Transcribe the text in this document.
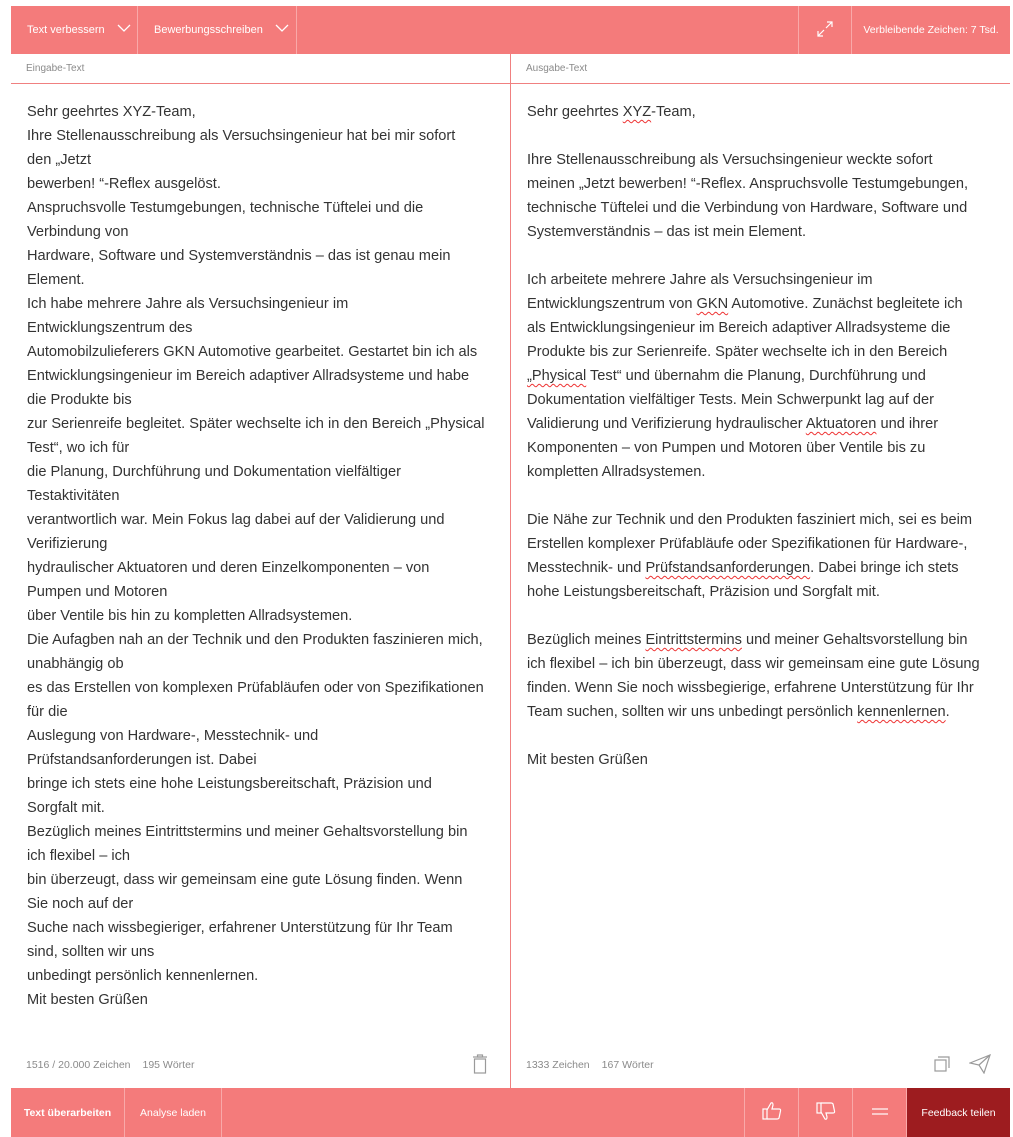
Text verbessern	Bewerbungsschreiben	Verbleibende Zeichen: 7 Tsd.
Eingabe-Text
Sehr geehrtes XYZ-Team,
Ihre Stellenausschreibung als Versuchsingenieur hat bei mir sofort
den „Jetzt
bewerben! “-Reflex ausgelöst.
Anspruchsvolle Testumgebungen, technische Tüftelei und die
Verbindung von
Hardware, Software und Systemverständnis – das ist genau mein
Element.
Ich habe mehrere Jahre als Versuchsingenieur im
Entwicklungszentrum des
Automobilzulieferers GKN Automotive gearbeitet. Gestartet bin ich als
Entwicklungsingenieur im Bereich adaptiver Allradsysteme und habe
die Produkte bis
zur Serienreife begleitet. Später wechselte ich in den Bereich „Physical
Test“, wo ich für
die Planung, Durchführung und Dokumentation vielfältiger
Testaktivitäten
verantwortlich war. Mein Fokus lag dabei auf der Validierung und
Verifizierung
hydraulischer Aktuatoren und deren Einzelkomponenten – von
Pumpen und Motoren
über Ventile bis hin zu kompletten Allradsystemen.
Die Aufagben nah an der Technik und den Produkten faszinieren mich,
unabhängig ob
es das Erstellen von komplexen Prüfabläufen oder von Spezifikationen
für die
Auslegung von Hardware-, Messtechnik- und
Prüfstandsanforderungen ist. Dabei
bringe ich stets eine hohe Leistungsbereitschaft, Präzision und
Sorgfalt mit.
Bezüglich meines Eintrittstermins und meiner Gehaltsvorstellung bin
ich flexibel – ich
bin überzeugt, dass wir gemeinsam eine gute Lösung finden. Wenn
Sie noch auf der
Suche nach wissbegieriger, erfahrener Unterstützung für Ihr Team
sind, sollten wir uns
unbedingt persönlich kennenlernen.
Mit besten Grüßen
1516 / 20.000 Zeichen 195 Wörter
Ausgabe-Text
Sehr geehrtes XYZ-Team,
Ihre Stellenausschreibung als Versuchsingenieur weckte sofort
meinen „Jetzt bewerben! “-Reflex. Anspruchsvolle Testumgebungen,
technische Tüftelei und die Verbindung von Hardware, Software und
Systemverständnis – das ist mein Element.
Ich arbeitete mehrere Jahre als Versuchsingenieur im
Entwicklungszentrum von GKN Automotive. Zunächst begleitete ich
als Entwicklungsingenieur im Bereich adaptiver Allradsysteme die
Produkte bis zur Serienreife. Später wechselte ich in den Bereich
„Physical Test“ und übernahm die Planung, Durchführung und
Dokumentation vielfältiger Tests. Mein Schwerpunkt lag auf der
Validierung und Verifizierung hydraulischer Aktuatoren und ihrer
Komponenten – von Pumpen und Motoren über Ventile bis zu
kompletten Allradsystemen.
Die Nähe zur Technik und den Produkten fasziniert mich, sei es beim
Erstellen komplexer Prüfabläufe oder Spezifikationen für Hardware-,
Messtechnik- und Prüfstandsanforderungen. Dabei bringe ich stets
hohe Leistungsbereitschaft, Präzision und Sorgfalt mit.
Bezüglich meines Eintrittstermins und meiner Gehaltsvorstellung bin
ich flexibel – ich bin überzeugt, dass wir gemeinsam eine gute Lösung
finden. Wenn Sie noch wissbegierige, erfahrene Unterstützung für Ihr
Team suchen, sollten wir uns unbedingt persönlich kennenlernen.
Mit besten Grüßen
1333 Zeichen 167 Wörter
Text überarbeiten	Analyse laden	Feedback teilen
